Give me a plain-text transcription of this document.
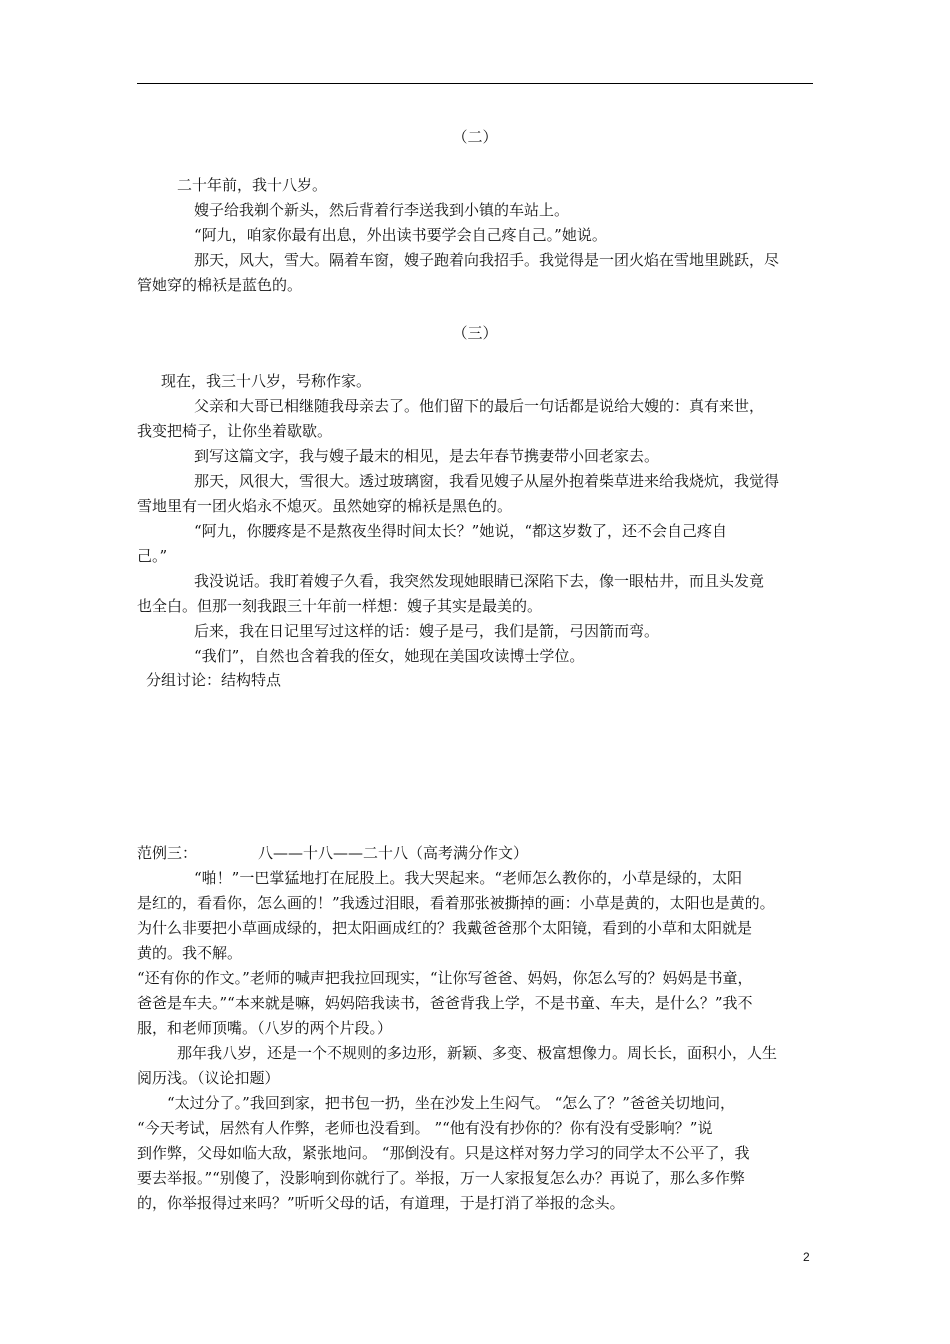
（二）
二十年前，我十八岁。
嫂子给我剃个新头，然后背着行李送我到小镇的车站上。
“阿九，咱家你最有出息，外出读书要学会自己疼自己。”她说。
那天，风大，雪大。隔着车窗，嫂子跑着向我招手。我觉得是一团火焰在雪地里跳跃，尽
管她穿的棉袄是蓝色的。
（三）
现在，我三十八岁，号称作家。
父亲和大哥已相继随我母亲去了。他们留下的最后一句话都是说给大嫂的：真有来世，
我变把椅子，让你坐着歇歇。
到写这篇文字，我与嫂子最末的相见，是去年春节携妻带小回老家去。
那天，风很大，雪很大。透过玻璃窗，我看见嫂子从屋外抱着柴草进来给我烧炕，我觉得
雪地里有一团火焰永不熄灭。虽然她穿的棉袄是黑色的。
“阿九，你腰疼是不是熬夜坐得时间太长？”她说，“都这岁数了，还不会自己疼自
己。”
我没说话。我盯着嫂子久看，我突然发现她眼睛已深陷下去，像一眼枯井，而且头发竟
也全白。但那一刻我跟三十年前一样想：嫂子其实是最美的。
后来，我在日记里写过这样的话：嫂子是弓，我们是箭，弓因箭而弯。
“我们”，自然也含着我的侄女，她现在美国攻读博士学位。
分组讨论：结构特点
范例三：	八——十八——二十八（高考满分作文）
“啪！”一巴掌猛地打在屁股上。我大哭起来。“老师怎么教你的，小草是绿的，太阳
是红的，看看你，怎么画的！”我透过泪眼，看着那张被撕掉的画：小草是黄的，太阳也是黄的。
为什么非要把小草画成绿的，把太阳画成红的？我戴爸爸那个太阳镜，看到的小草和太阳就是
黄的。我不解。
“还有你的作文。”老师的喊声把我拉回现实，“让你写爸爸、妈妈，你怎么写的？妈妈是书童，
爸爸是车夫。”“本来就是嘛，妈妈陪我读书，爸爸背我上学，不是书童、车夫，是什么？”我不
服，和老师顶嘴。（八岁的两个片段。）
那年我八岁，还是一个不规则的多边形，新颖、多变、极富想像力。周长长，面积小，人生
阅历浅。（议论扣题）
“太过分了。”我回到家，把书包一扔，坐在沙发上生闷气。 “怎么了？”爸爸关切地问，
“今天考试，居然有人作弊，老师也没看到。 ”“他有没有抄你的？你有没有受影响？”说
到作弊，父母如临大敌，紧张地问。 “那倒没有。只是这样对努力学习的同学太不公平了，我
要去举报。”“别傻了，没影响到你就行了。举报，万一人家报复怎么办？再说了，那么多作弊
的，你举报得过来吗？”听听父母的话，有道理，于是打消了举报的念头。
2
